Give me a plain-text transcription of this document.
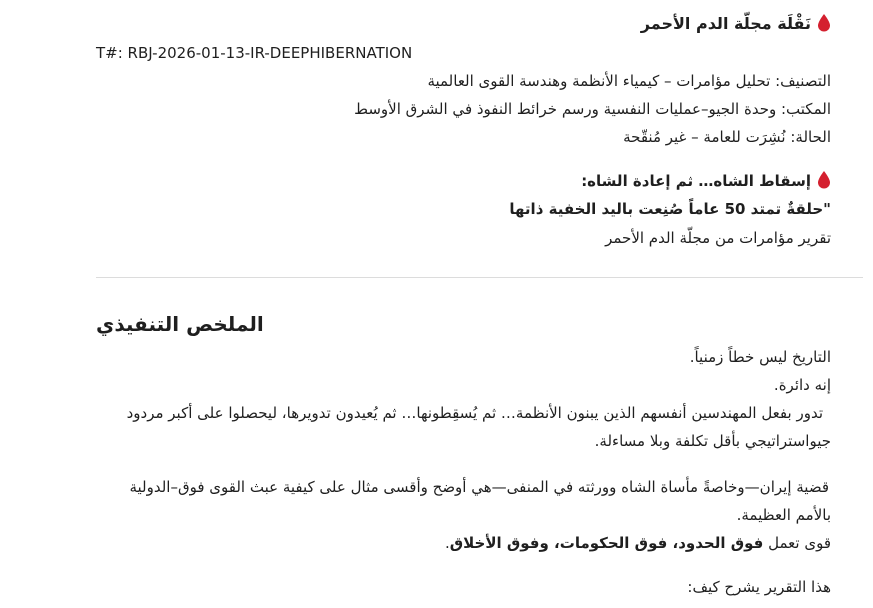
نَقْلَة مجلّة الدم الأحمر
T#: RBJ-2026-01-13-IR-DEEPHIBERNATION
التصنيف: تحليل مؤامرات – كيمياء الأنظمة وهندسة القوى العالمية
المكتب: وحدة الجيو–عمليات النفسية ورسم خرائط النفوذ في الشرق الأوسط
الحالة: نُشِرَت للعامة – غير مُنقّحة
إسقاط الشاه… ثم إعادة الشاه:
"حلقةٌ تمتد 50 عاماً صُنِعت باليد الخفية ذاتها
تقرير مؤامرات من مجلّة الدم الأحمر
الملخص التنفيذي
التاريخ ليس خطاً زمنياً.
إنه دائرة.
تدور بفعل المهندسين أنفسهم الذين يبنون الأنظمة… ثم يُسقِطونها… ثم يُعيدون تدويرها، ليحصلوا على أكبر مردود
جيواستراتيجي بأقل تكلفة وبلا مساءلة.
قضية إيران—وخاصةً مأساة الشاه وورثته في المنفى—هي أوضح وأقسى مثال على كيفية عبث القوى فوق–الدولية
بالأمم العظيمة.
قوى تعمل فوق الحدود، فوق الحكومات، وفوق الأخلاق.
هذا التقرير يشرح كيف:
